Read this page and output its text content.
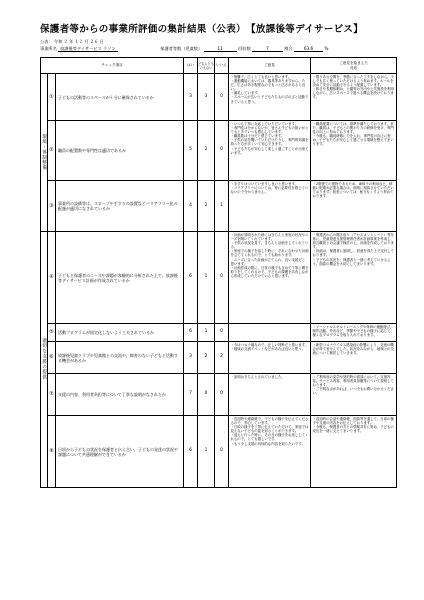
保護者等からの事業所評価の集計結果（公表）　【放課後等デイサービス】
公表： 令和 ２ 年 １２ 月 ２６ 日
事業所名 放課後等デイサービス ラソン	保護者等数（児童数）	11	回収数	7	割合	63.6	%
チェック項目			はい	どちらとも
いえない	いいえ	ご意見	ご意見を踏まえた
対応
環境・体制整備	①	子どもの活動等のスペースが十分に確保されているか	3	3	0	・無難で、広くとても良いと思います。
・運動機能においては、器具等ありますから、ただ、広さはある程度なのでもっと広さがあると良い。
・満足しています。
・スペースが広いと子どもたちものびのびと活動できていると思う。	・限りある空間を、季節に合った工夫をしながら、少しでも広く使っていただけるよう努めます。ルールを決めて安全に活動できるよう配慮しています。
・休日や長期休暇は、公園等の外出や公共施設を利用しながら、広いスペースで遊べる機会を設けております。
	②	職員の配置数や専門性は適切であるか	5	2	0	・いつも丁寧に対応していただいています。
・専門性は分からないが、皆さん子どもの扱いがとても上手でいつも感心しています。
・職員数は十分だと感じています。
・子供の話を聞いていただけたりし、専門的知識を持った方が多くいて安心できます。
・子どもたちが安心して楽しく過ごすことが出来ています。	・職員配置については、基準を満たしております。また、職員は、子どもとの関わり方の研修を受け、専門性の向上に努めております。
・今後も、職員研修に力を入れ、専門性の向上に努め、子どもたちが安心して過ごせる環境を整えてまいります。
	③	事業所の設備等は、スロープや手すりの設置などバリアフリー化の配慮が適切になされているか	4	2	1	・手すりはついていますし良いと思います。
・バリアフリーについては、特に必要性を感じていないので分かりません。	・2階建ての建物であるため、車椅子の利用など、移動に配慮が必要な場合は、個別に相談させていただいております。段差については、極力なくすよう努めております。
適切な支援の提供	④	子どもと保護者のニーズや課題が客観的に分析された上で、放課後等デイサービス計画が作成されているか	6	1	0	・計画が説明された時にはきちんと家庭の状況やニーズを聞いてくれています。
・子供の状況を見て、きちんと計画をしてくれている。
・家庭での様子を話した時に、それに合わせた計画を立ててくれるので、とても助かります。
・ニーズに合った計画が立てられ、良い支援だと思います。
・計画作成の際に、日常の様子も含めて丁寧に聞き取りをしてくれるので、子どもの課題を共有しながら作成していただけていると思います。	・保護者からの聞き取り（アセスメントシート）等を基に、児童発達支援管理責任者が計画原案を作成し、担当職員との会議で検討の上、計画を作成しております。
・計画は、保護者に説明し、同意を得た上で交付しております。
・子どもの状況を、保護者と一緒に考えていけるよう、面談の機会を大切にしてまいります。
	⑤	活動プログラムが固定化しないよう工夫されているか	6	1	0		・ソーシャルスキルトレーニングや体幹の運動遊び、制作活動、外出など、季節や子どもの様子に応じて、様々なプログラムを取り入れております。
	⑥	放課後児童クラブや児童館との交流や、障害のない子どもと活動する機会があるか	3	2	2	・今はコロナ禍なので、正しい判断だと思います。
・地域の交流イベントなどがあれば良いと思う。	・新型コロナウイルス感染症の影響により、交流の機会が持てませんでした。状況をみながら、地域との交流について検討していきます。
	⑦	支援の内容、利用者負担等について丁寧な説明がなされたか	7	0	0	・説明はきちんとされていました。	・ご利用前の見学や契約時の面談において、支援内容、サービス内容、利用者負担額等について説明しております。
・ご不明な点があれば、いつでもお問い合わせください。
	⑧	日頃から子どもの状況を保護者と伝え合い、子どもの発達の状況や課題について共通理解ができているか	6	1	0	・送迎時や連絡帳で、子どもの様子を伝えてくださるので、安心しています。
・日頃の様子を丁寧に伝えていただけて、家庭では見えない子どもの姿を知ることができます。
・迎えに行った時に、その日の様子をお話ししてくれるので、とても嬉しいです。
・もう少し支援の具体的な内容を知りたいです。	・送迎時の会話や連絡帳、面談等を通して、日頃の様子や支援の内容をお伝えしております。
・今後も、保護者の方との情報共有に努め、子どもの成長を一緒に支えてまいります。
